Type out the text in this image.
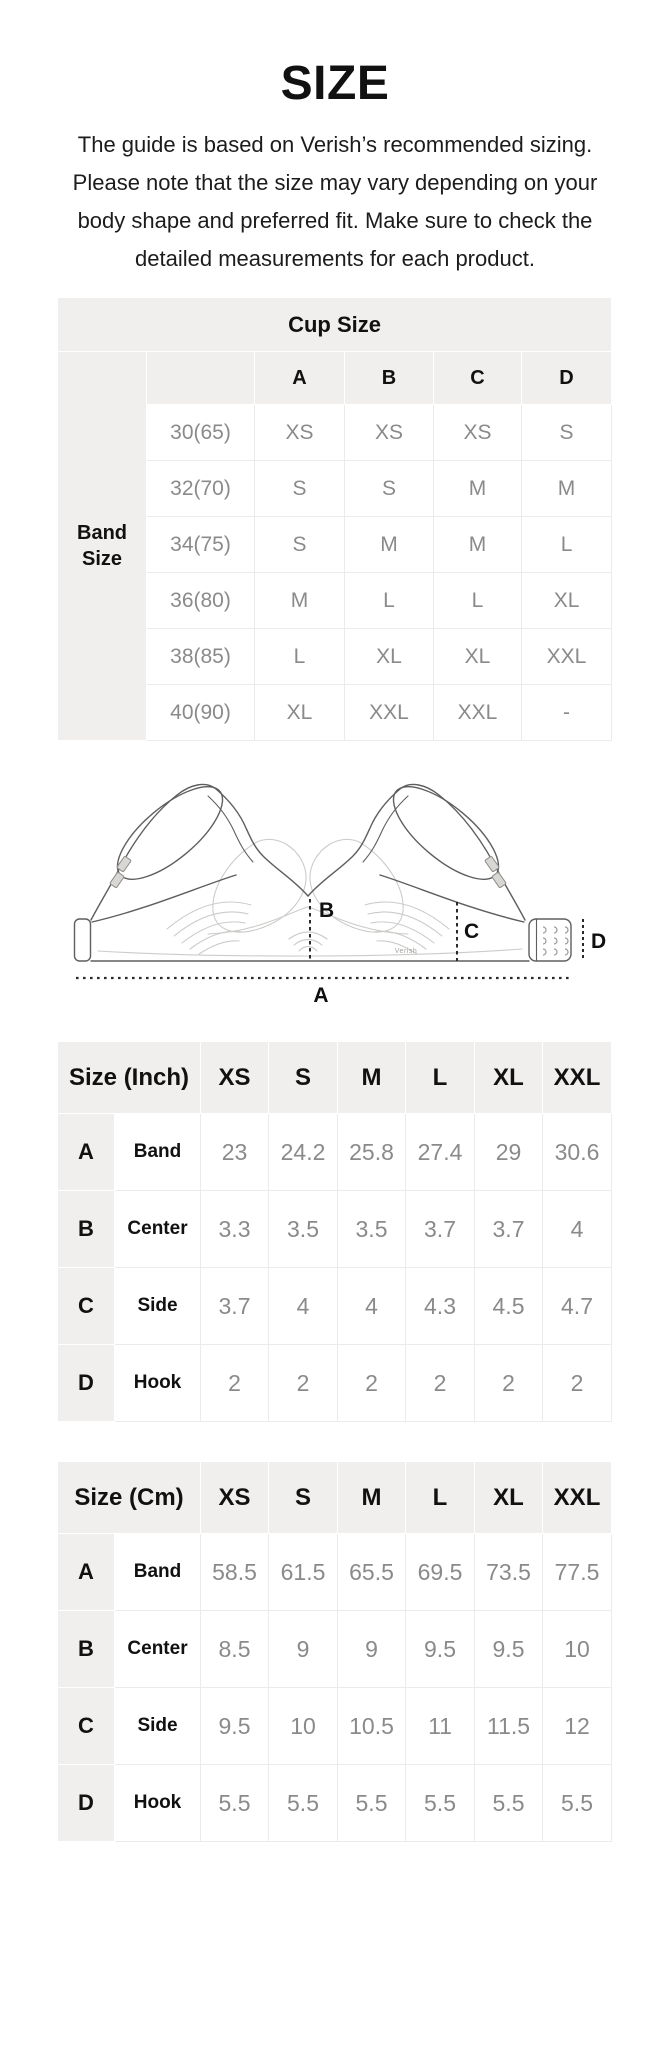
SIZE
The guide is based on Verish’s recommended sizing.
Please note that the size may vary depending on your
body shape and preferred fit. Make sure to check the
detailed measurements for each product.
Cup Size					
Band Size		A	B	C	D
	30(65)	XS	XS	XS	S
	32(70)	S	S	M	M
	34(75)	S	M	M	L
	36(80)	M	L	L	XL
	38(85)	L	XL	XL	XXL
	40(90)	XL	XXL	XXL	-
B
C	D
A
Verish
Size (Inch)		XS	S	M	L	XL	XXL
A	Band	23	24.2	25.8	27.4	29	30.6
B	Center	3.3	3.5	3.5	3.7	3.7	4
C	Side	3.7	4	4	4.3	4.5	4.7
D	Hook	2	2	2	2	2	2
Size (Cm)		XS	S	M	L	XL	XXL
A	Band	58.5	61.5	65.5	69.5	73.5	77.5
B	Center	8.5	9	9	9.5	9.5	10
C	Side	9.5	10	10.5	11	11.5	12
D	Hook	5.5	5.5	5.5	5.5	5.5	5.5
